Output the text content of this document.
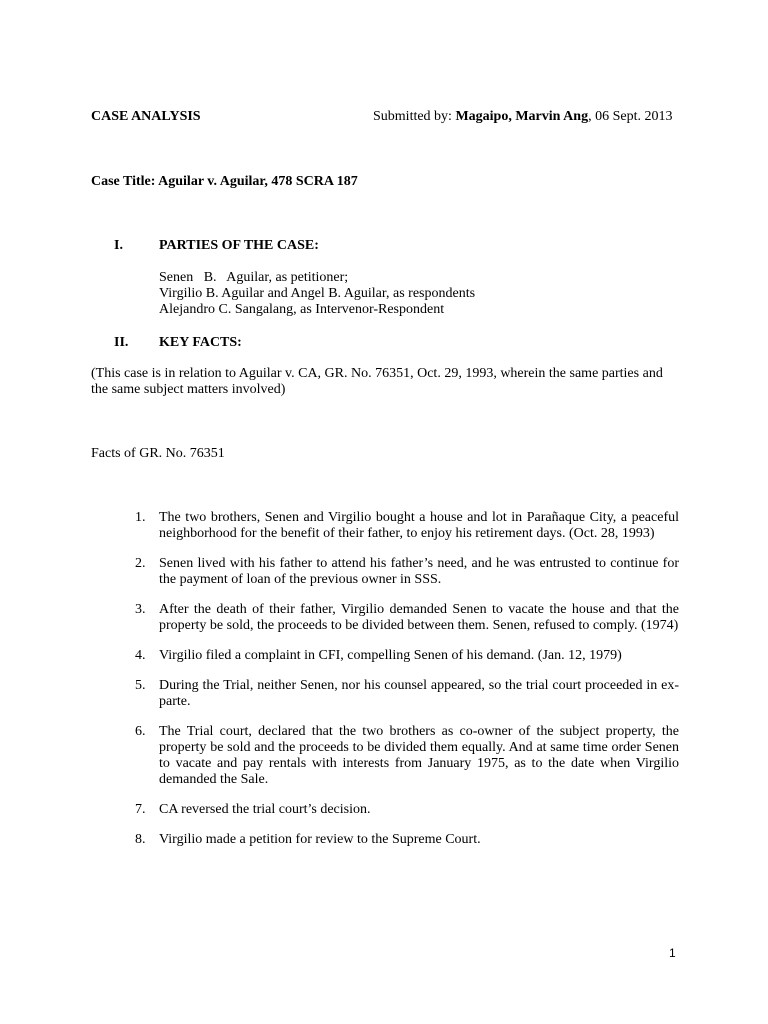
CASE ANALYSIS	Submitted by: Magaipo, Marvin Ang, 06 Sept. 2013
Case Title: Aguilar v. Aguilar, 478 SCRA 187
I.	PARTIES OF THE CASE:
Senen   B.   Aguilar, as petitioner;
Virgilio B. Aguilar and Angel B. Aguilar, as respondents
Alejandro C. Sangalang, as Intervenor-Respondent
II.	KEY FACTS:
(This case is in relation to Aguilar v. CA, GR. No. 76351, Oct. 29, 1993, wherein the same parties and the same subject matters involved)
Facts of GR. No. 76351
1. The two brothers, Senen and Virgilio bought a house and lot in Parañaque City, a peaceful neighborhood for the benefit of their father, to enjoy his retirement days. (Oct. 28, 1993)
2. Senen lived with his father to attend his father’s need, and he was entrusted to continue for the payment of loan of the previous owner in SSS.
3. After the death of their father, Virgilio demanded Senen to vacate the house and that the property be sold, the proceeds to be divided between them. Senen, refused to comply. (1974)
4. Virgilio filed a complaint in CFI, compelling Senen of his demand. (Jan. 12, 1979)
5. During the Trial, neither Senen, nor his counsel appeared, so the trial court proceeded in ex-parte.
6. The Trial court, declared that the two brothers as co-owner of the subject property, the property be sold and the proceeds to be divided them equally. And at same time order Senen to vacate and pay rentals with interests from January 1975, as to the date when Virgilio demanded the Sale.
7. CA reversed the trial court’s decision.
8. Virgilio made a petition for review to the Supreme Court.
1
